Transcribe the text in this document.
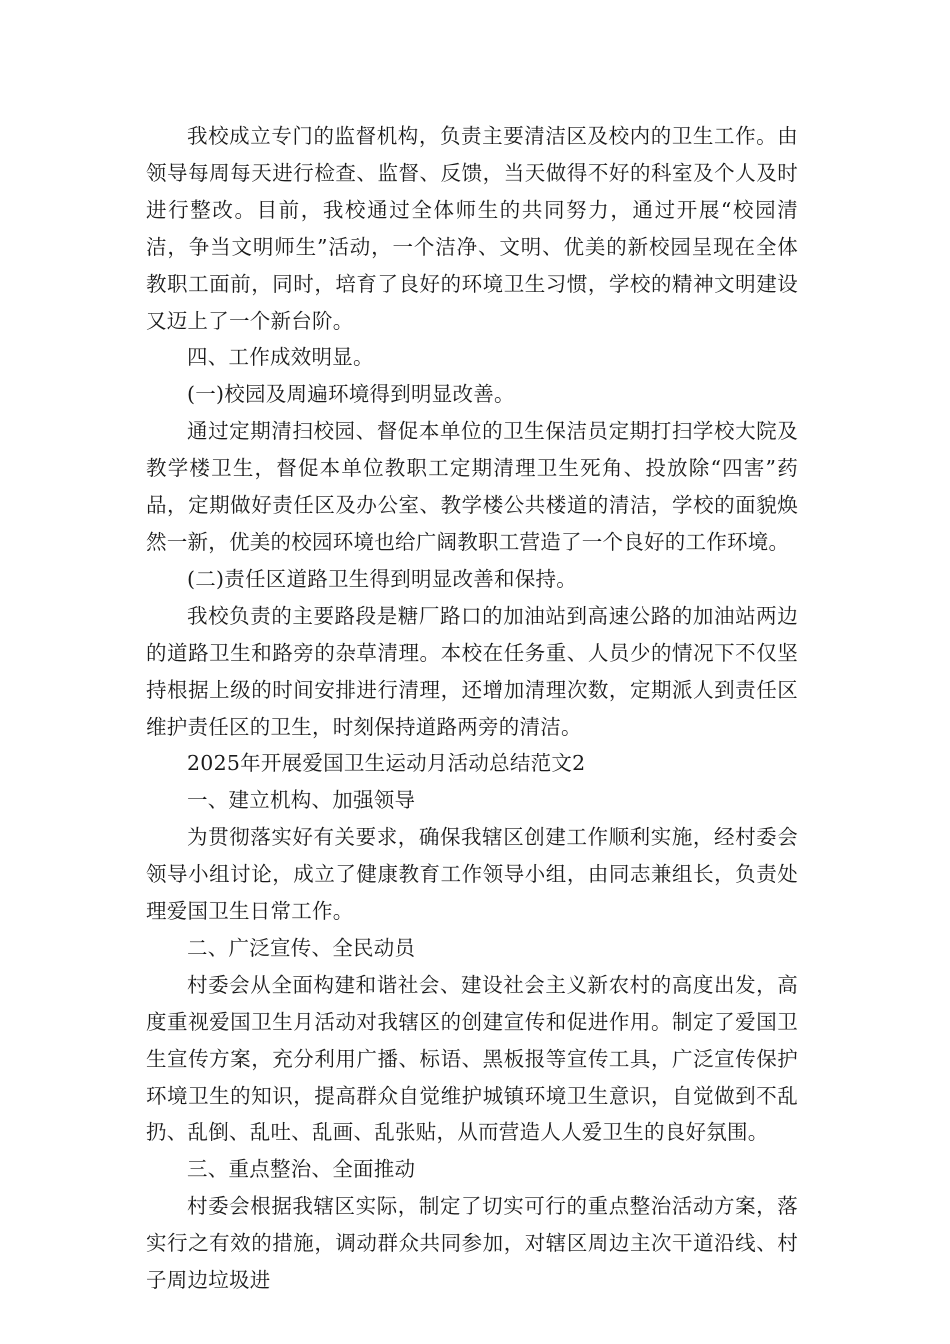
我校成立专门的监督机构，负责主要清洁区及校内的卫生工作。由领导每周每天进行检查、监督、反馈，当天做得不好的科室及个人及时进行整改。目前，我校通过全体师生的共同努力，通过开展“校园清洁，争当文明师生”活动，一个洁净、文明、优美的新校园呈现在全体教职工面前，同时，培育了良好的环境卫生习惯，学校的精神文明建设又迈上了一个新台阶。

四、工作成效明显。

(一)校园及周遍环境得到明显改善。

通过定期清扫校园、督促本单位的卫生保洁员定期打扫学校大院及教学楼卫生，督促本单位教职工定期清理卫生死角、投放除“四害”药品，定期做好责任区及办公室、教学楼公共楼道的清洁，学校的面貌焕然一新，优美的校园环境也给广阔教职工营造了一个良好的工作环境。

(二)责任区道路卫生得到明显改善和保持。

我校负责的主要路段是糖厂路口的加油站到高速公路的加油站两边的道路卫生和路旁的杂草清理。本校在任务重、人员少的情况下不仅坚持根据上级的时间安排进行清理，还增加清理次数，定期派人到责任区维护责任区的卫生，时刻保持道路两旁的清洁。

2025年开展爱国卫生运动月活动总结范文2

一、建立机构、加强领导

为贯彻落实好有关要求，确保我辖区创建工作顺利实施，经村委会领导小组讨论，成立了健康教育工作领导小组，由同志兼组长，负责处理爱国卫生日常工作。

二、广泛宣传、全民动员

村委会从全面构建和谐社会、建设社会主义新农村的高度出发，高度重视爱国卫生月活动对我辖区的创建宣传和促进作用。制定了爱国卫生宣传方案，充分利用广播、标语、黑板报等宣传工具，广泛宣传保护环境卫生的知识，提高群众自觉维护城镇环境卫生意识，自觉做到不乱扔、乱倒、乱吐、乱画、乱张贴，从而营造人人爱卫生的良好氛围。

三、重点整治、全面推动

村委会根据我辖区实际，制定了切实可行的重点整治活动方案，落实行之有效的措施，调动群众共同参加，对辖区周边主次干道沿线、村子周边垃圾进
